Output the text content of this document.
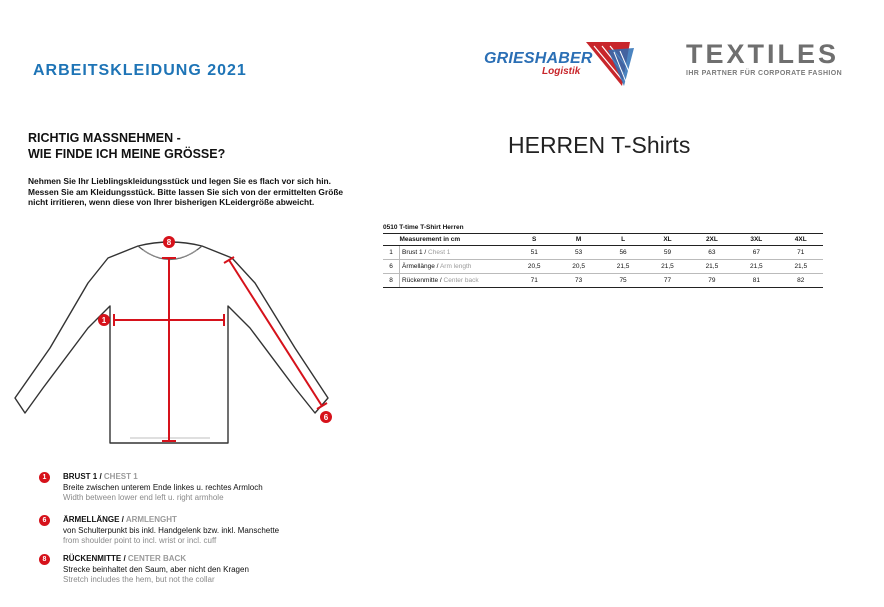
ARBEITSKLEIDUNG 2021
GRIESHABER
Logistik
TEXTILES
IHR PARTNER FÜR CORPORATE FASHION
RICHTIG MASSNEHMEN -
WIE FINDE ICH MEINE GRÖSSE?
Nehmen Sie Ihr Lieblingskleidungsstück und legen Sie es flach vor sich hin. Messen Sie am Kleidungsstück. Bitte lassen Sie sich von der ermittelten Größe nicht irritieren, wenn diese von Ihrer bisherigen KLeidergröße abweicht.
HERREN T-Shirts
0510 T-time T-Shirt Herren
	Measurement in cm	S	M	L	XL	2XL	3XL	4XL
1	Brust 1 / Chest 1	51	53	56	59	63	67	71
6	Ärmellänge / Arm length	20,5	20,5	21,5	21,5	21,5	21,5	21,5
8	Rückenmitte / Center back	71	73	75	77	79	81	82
8
1
6
1	BRUST 1 / CHEST 1
Breite zwischen unterem Ende linkes u. rechtes Armloch
Width between lower end left u. right armhole
6	ÄRMELLÄNGE / ARMLENGHT
von Schulterpunkt bis inkl. Handgelenk bzw. inkl. Manschette
from shoulder point to incl. wrist or incl. cuff
8	RÜCKENMITTE / CENTER BACK
Strecke beinhaltet den Saum, aber nicht den Kragen
Stretch includes the hem, but not the collar
